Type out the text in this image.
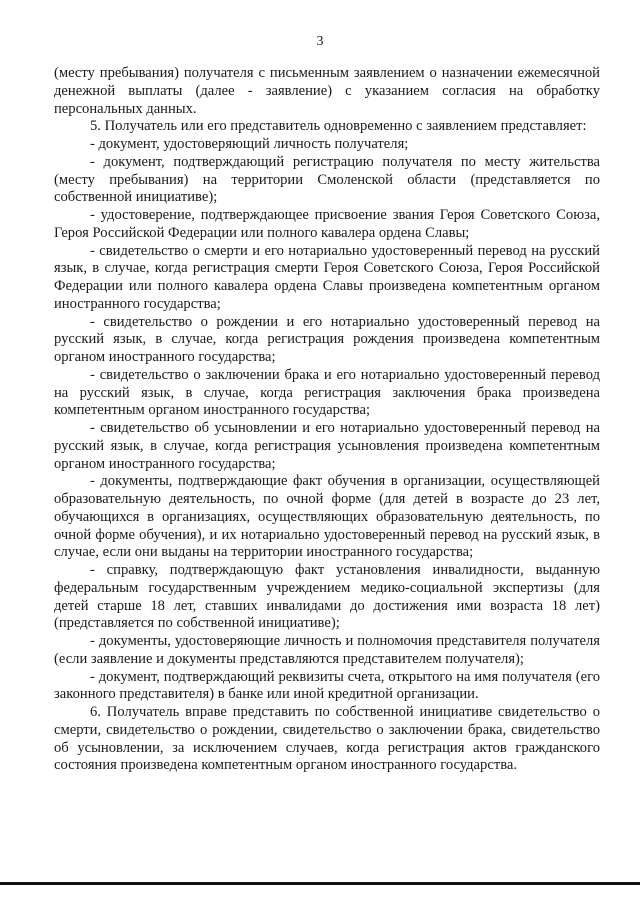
3

(месту пребывания) получателя с письменным заявлением о назначении ежемесячной денежной выплаты (далее - заявление) с указанием согласия на обработку персональных данных.

5. Получатель или его представитель одновременно с заявлением представляет:

- документ, удостоверяющий личность получателя;

- документ, подтверждающий регистрацию получателя по месту жительства (месту пребывания) на территории Смоленской области (представляется по собственной инициативе);

- удостоверение, подтверждающее присвоение звания Героя Советского Союза, Героя Российской Федерации или полного кавалера ордена Славы;

- свидетельство о смерти и его нотариально удостоверенный перевод на русский язык, в случае, когда регистрация смерти Героя Советского Союза, Героя Российской Федерации или полного кавалера ордена Славы произведена компетентным органом иностранного государства;

- свидетельство о рождении и его нотариально удостоверенный перевод на русский язык, в случае, когда регистрация рождения произведена компетентным органом иностранного государства;

- свидетельство о заключении брака и его нотариально удостоверенный перевод на русский язык, в случае, когда регистрация заключения брака произведена компетентным органом иностранного государства;

- свидетельство об усыновлении и его нотариально удостоверенный перевод на русский язык, в случае, когда регистрация усыновления произведена компетентным органом иностранного государства;

- документы, подтверждающие факт обучения в организации, осуществляющей образовательную деятельность, по очной форме (для детей в возрасте до 23 лет, обучающихся в организациях, осуществляющих образовательную деятельность, по очной форме обучения), и их нотариально удостоверенный перевод на русский язык, в случае, если они выданы на территории иностранного государства;

- справку, подтверждающую факт установления инвалидности, выданную федеральным государственным учреждением медико-социальной экспертизы (для детей старше 18 лет, ставших инвалидами до достижения ими возраста 18 лет) (представляется по собственной инициативе);

- документы, удостоверяющие личность и полномочия представителя получателя (если заявление и документы представляются представителем получателя);

- документ, подтверждающий реквизиты счета, открытого на имя получателя (его законного представителя) в банке или иной кредитной организации.

6. Получатель вправе представить по собственной инициативе свидетельство о смерти, свидетельство о рождении, свидетельство о заключении брака, свидетельство об усыновлении, за исключением случаев, когда регистрация актов гражданского состояния произведена компетентным органом иностранного государства.
